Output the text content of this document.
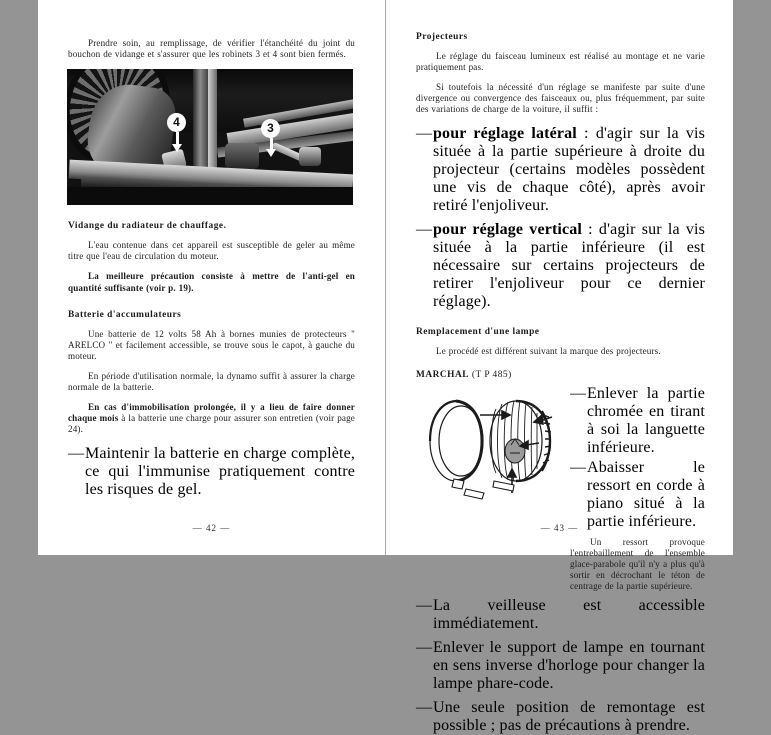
Prendre soin, au remplissage, de vérifier l'étanchéité du joint du bouchon de vidange et s'assurer que les robinets 3 et 4 sont bien fermés.

4	3
Vidange du radiateur de chauffage.

L'eau contenue dans cet appareil est susceptible de geler au même titre que l'eau de circulation du moteur.

La meilleure précaution consiste à mettre de l'anti-gel en quantité suffisante (voir p. 19).

Batterie d'accumulateurs

Une batterie de 12 volts 58 Ah à bornes munies de protecteurs " ARELCO " et facilement accessible, se trouve sous le capot, à gauche du moteur.

En période d'utilisation normale, la dynamo suffit à assurer la charge normale de la batterie.

En cas d'immobilisation prolongée, il y a lieu de faire donner chaque mois à la batterie une charge pour assurer son entretien (voir page 24).

— Maintenir la batterie en charge complète, ce qui l'immunise pratiquement contre les risques de gel.
— 42 —
Projecteurs

Le réglage du faisceau lumineux est réalisé au montage et ne varie pratiquement pas.

Si toutefois la nécessité d'un réglage se manifeste par suite d'une divergence ou convergence des faisceaux ou, plus fréquemment, par suite des variations de charge de la voiture, il suffit :

— pour réglage latéral : d'agir sur la vis située à la partie supérieure à droite du projecteur (certains modèles possèdent une vis de chaque côté), après avoir retiré l'enjoliveur.
— pour réglage vertical : d'agir sur la vis située à la partie inférieure (il est nécessaire sur certains projecteurs de retirer l'enjoliveur pour ce dernier réglage).
Remplacement d'une lampe

Le procédé est différent suivant la marque des projecteurs.

MARCHAL (T P 485)
— Enlever la partie chromée en tirant à soi la languette inférieure.
— Abaisser le ressort en corde à piano situé à la partie inférieure.

Un ressort provoque l'entrebaillement de l'ensemble glace-parabole qu'il n'y a plus qu'à sortir en décrochant le téton de centrage de la partie supérieure.

— La veilleuse est accessible immédiatement.
— Enlever le support de lampe en tournant en sens inverse d'horloge pour changer la lampe phare-code.
— Une seule position de remontage est possible ; pas de précautions à prendre.
— 43 —
